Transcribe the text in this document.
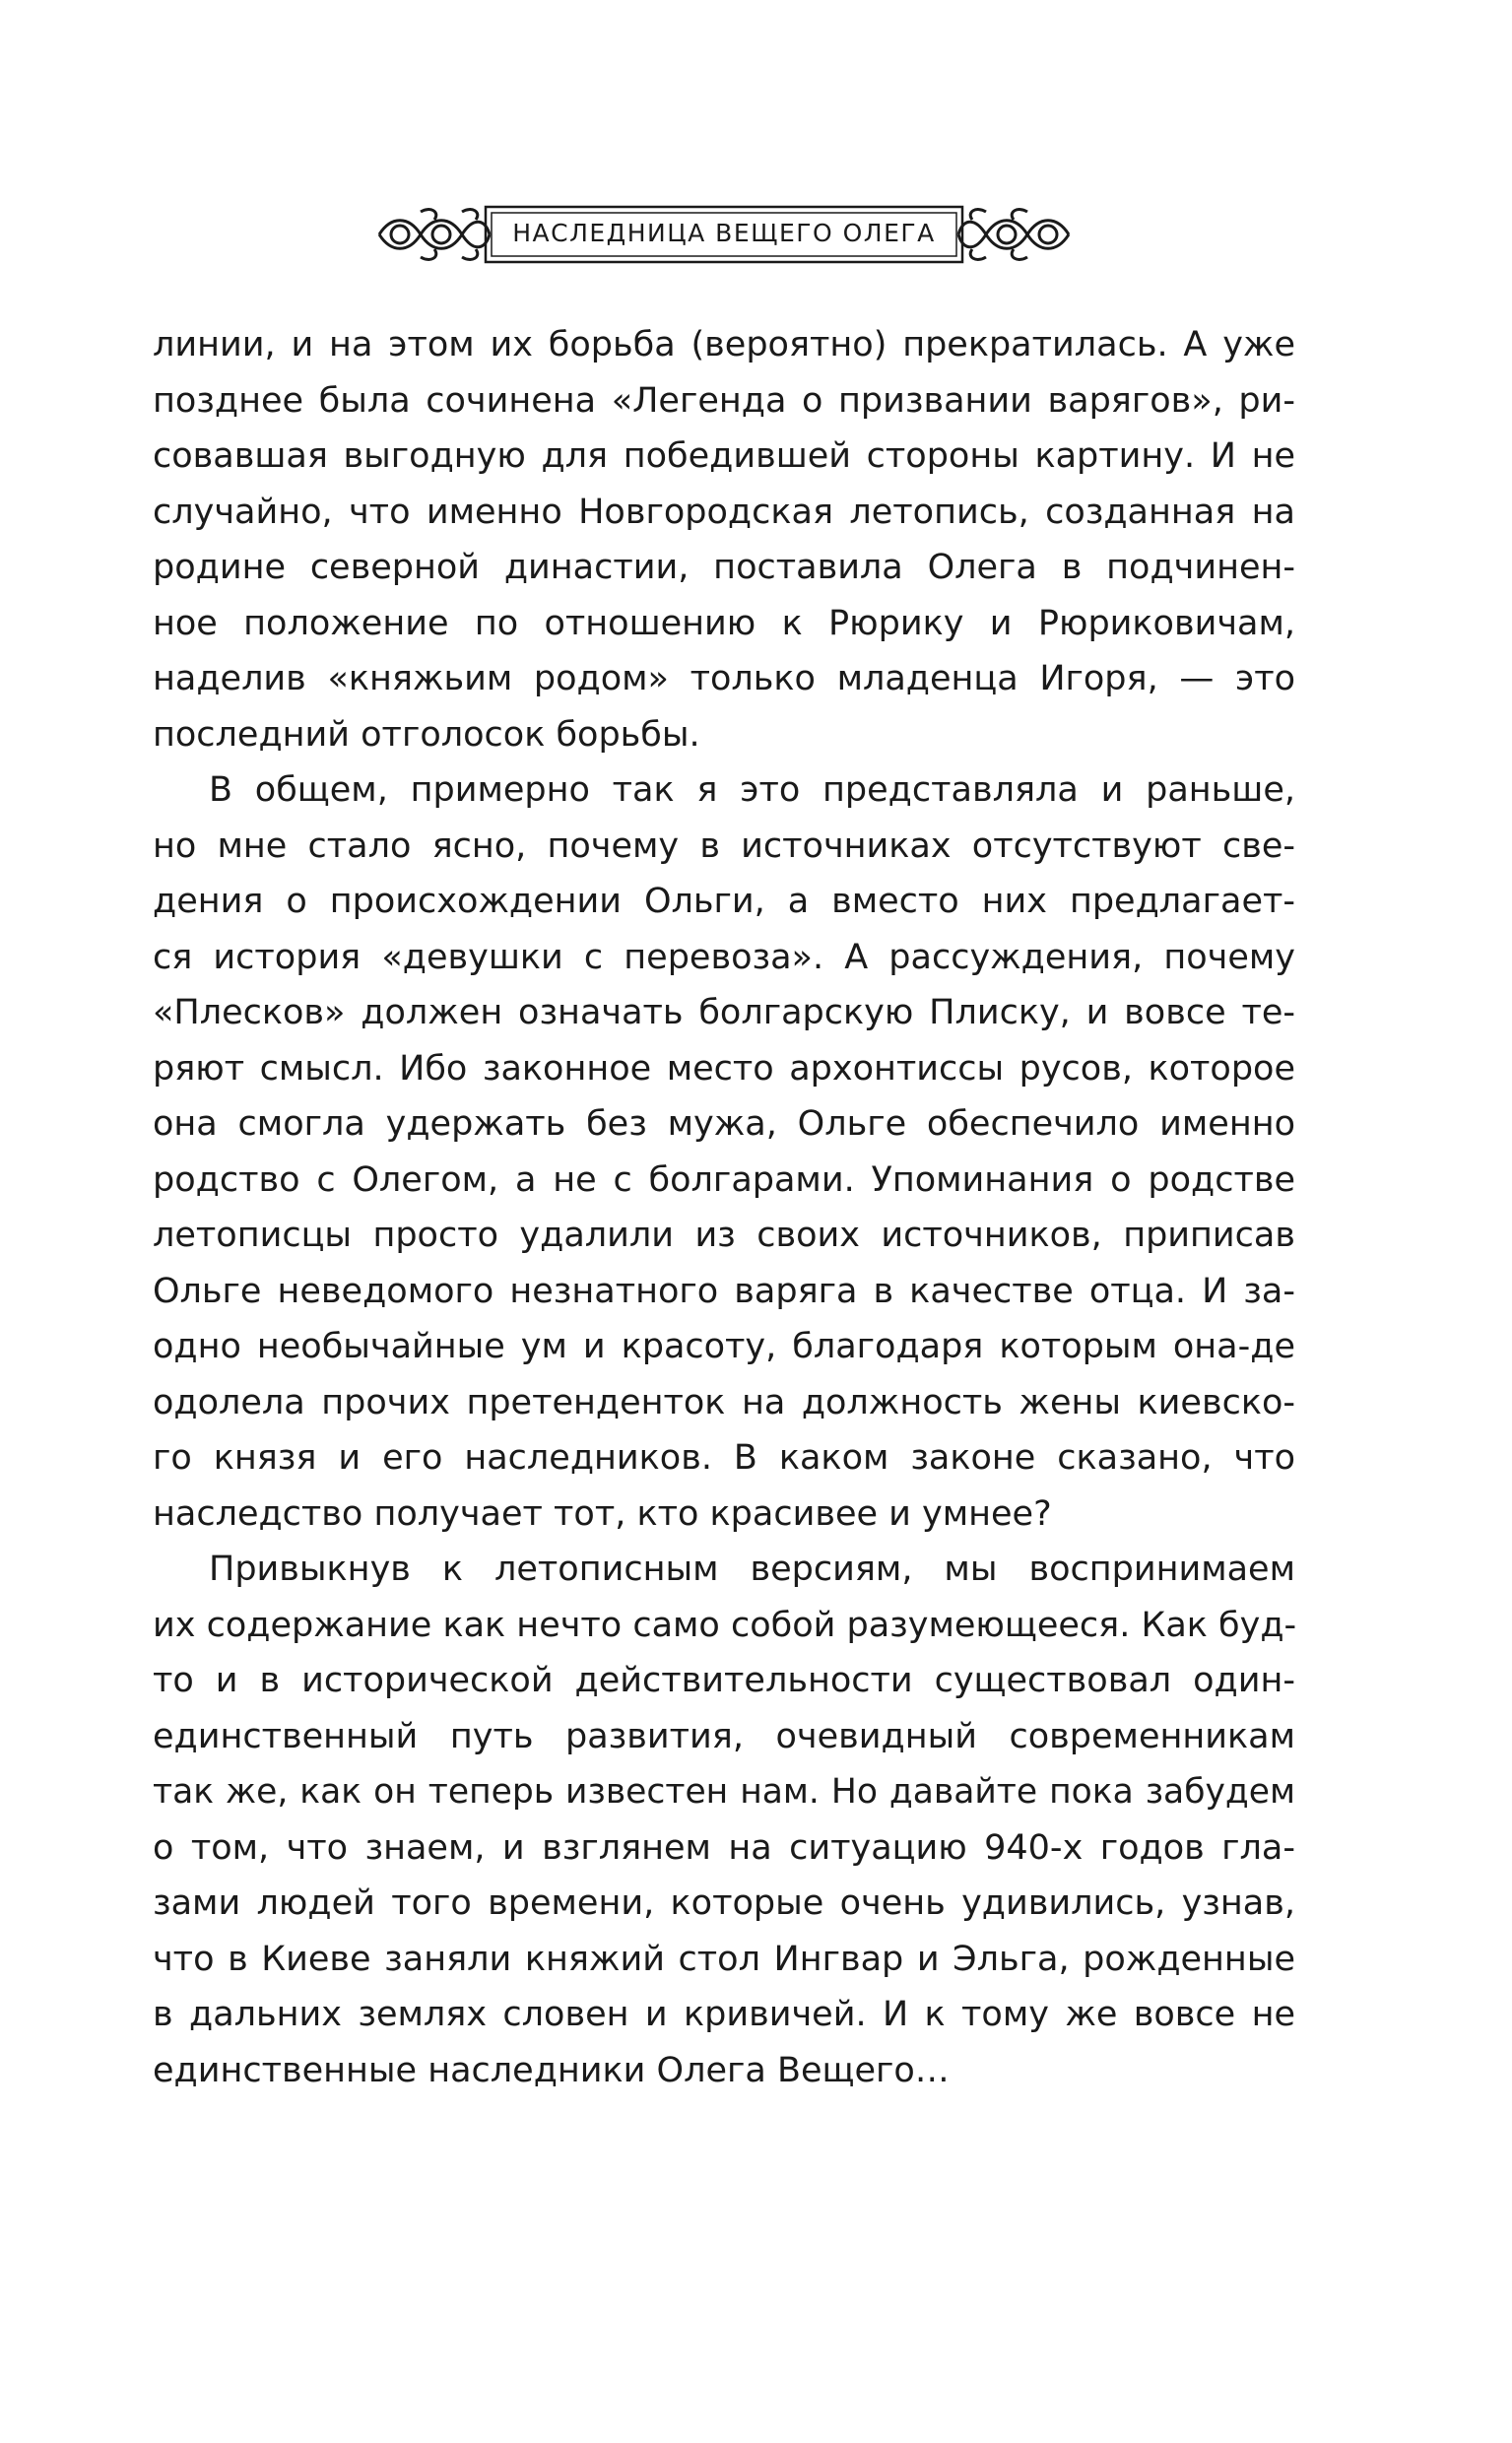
НАСЛЕДНИЦА ВЕЩЕГО ОЛЕГА
линии, и на этом их борьба (вероятно) прекратилась. А уже
позднее была сочинена «Легенда о призвании варягов», ри-
совавшая выгодную для победившей стороны картину. И не
случайно, что именно Новгородская летопись, созданная на
родине северной династии, поставила Олега в подчинен-
ное положение по отношению к Рюрику и Рюриковичам,
наделив «княжьим родом» только младенца Игоря, — это
последний отголосок борьбы.
В общем, примерно так я это представляла и раньше,
но мне стало ясно, почему в источниках отсутствуют све-
дения о происхождении Ольги, а вместо них предлагает-
ся история «девушки с перевоза». А рассуждения, почему
«Плесков» должен означать болгарскую Плиску, и вовсе те-
ряют смысл. Ибо законное место архонтиссы русов, которое
она смогла удержать без мужа, Ольге обеспечило именно
родство с Олегом, а не с болгарами. Упоминания о родстве
летописцы просто удалили из своих источников, приписав
Ольге неведомого незнатного варяга в качестве отца. И за-
одно необычайные ум и красоту, благодаря которым она-де
одолела прочих претенденток на должность жены киевско-
го князя и его наследников. В каком законе сказано, что
наследство получает тот, кто красивее и умнее?
Привыкнув к летописным версиям, мы воспринимаем
их содержание как нечто само собой разумеющееся. Как буд-
то и в исторической действительности существовал один-
единственный путь развития, очевидный современникам
так же, как он теперь известен нам. Но давайте пока забудем
о том, что знаем, и взглянем на ситуацию 940-х годов гла-
зами людей того времени, которые очень удивились, узнав,
что в Киеве заняли княжий стол Ингвар и Эльга, рожденные
в дальних землях словен и кривичей. И к тому же вовсе не
единственные наследники Олега Вещего…
